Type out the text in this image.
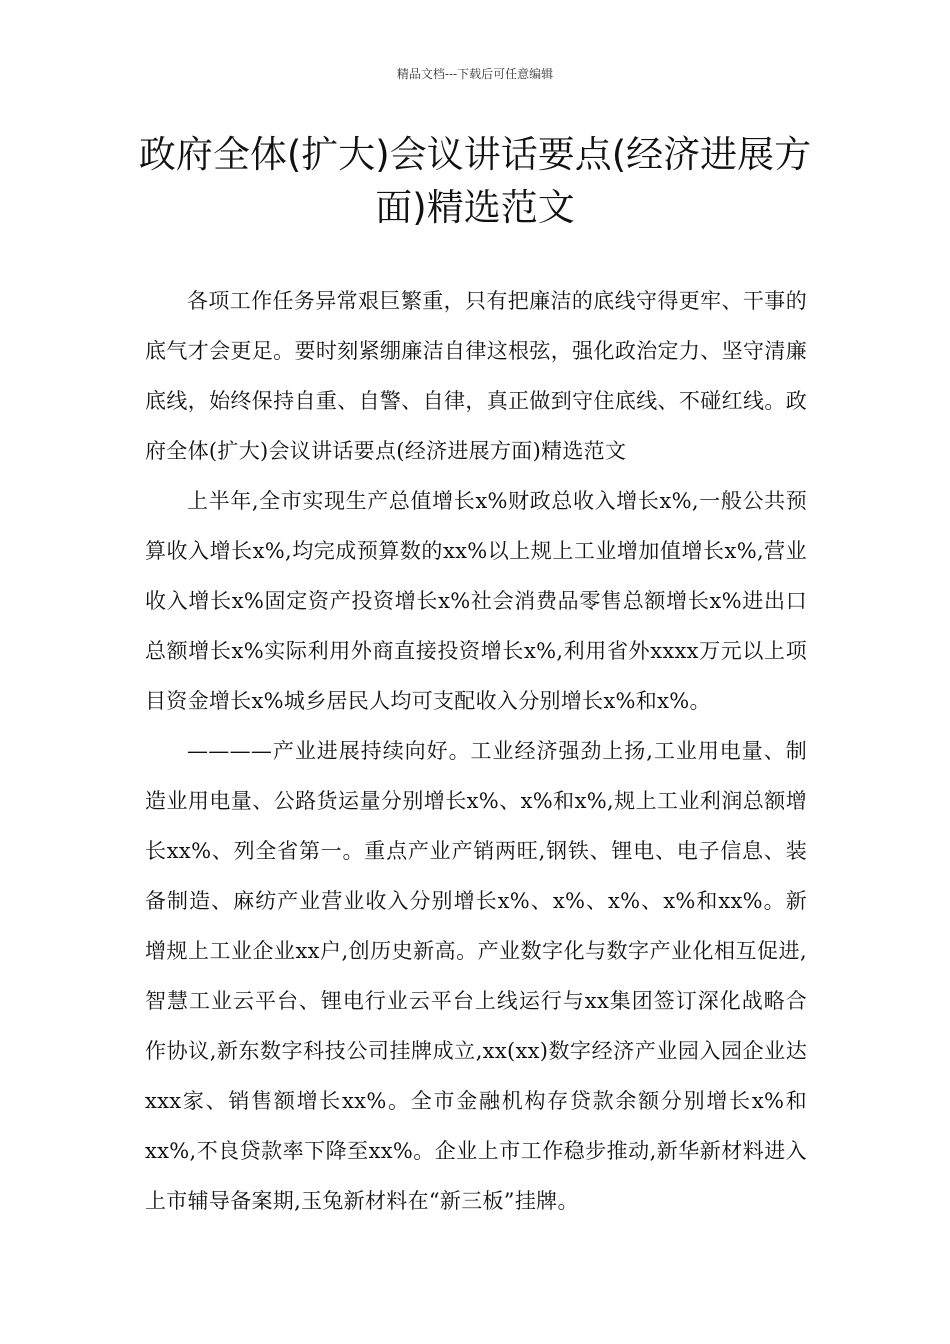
精品文档---下载后可任意编辑
政府全体(扩大)会议讲话要点(经济进展方面)精选范文

各项工作任务异常艰巨繁重，只有把廉洁的底线守得更牢、干事的底气才会更足。要时刻紧绷廉洁自律这根弦，强化政治定力、坚守清廉底线，始终保持自重、自警、自律，真正做到守住底线、不碰红线。政府全体(扩大)会议讲话要点(经济进展方面)精选范文

上半年,全市实现生产总值增长x%财政总收入增长x%,一般公共预算收入增长x%,均完成预算数的xx%以上规上工业增加值增长x%,营业收入增长x%固定资产投资增长x%社会消费品零售总额增长x%进出口总额增长x%实际利用外商直接投资增长x%,利用省外xxxx万元以上项目资金增长x%城乡居民人均可支配收入分别增长x%和x%。

————产业进展持续向好。工业经济强劲上扬,工业用电量、制造业用电量、公路货运量分别增长x%、x%和x%,规上工业利润总额增长xx%、列全省第一。重点产业产销两旺,钢铁、锂电、电子信息、装备制造、麻纺产业营业收入分别增长x%、x%、x%、x%和xx%。新增规上工业企业xx户,创历史新高。产业数字化与数字产业化相互促进,智慧工业云平台、锂电行业云平台上线运行与xx集团签订深化战略合作协议,新东数字科技公司挂牌成立,xx(xx)数字经济产业园入园企业达xxx家、销售额增长xx%。全市金融机构存贷款余额分别增长x%和xx%,不良贷款率下降至xx%。企业上市工作稳步推动,新华新材料进入上市辅导备案期,玉兔新材料在“新三板”挂牌。
